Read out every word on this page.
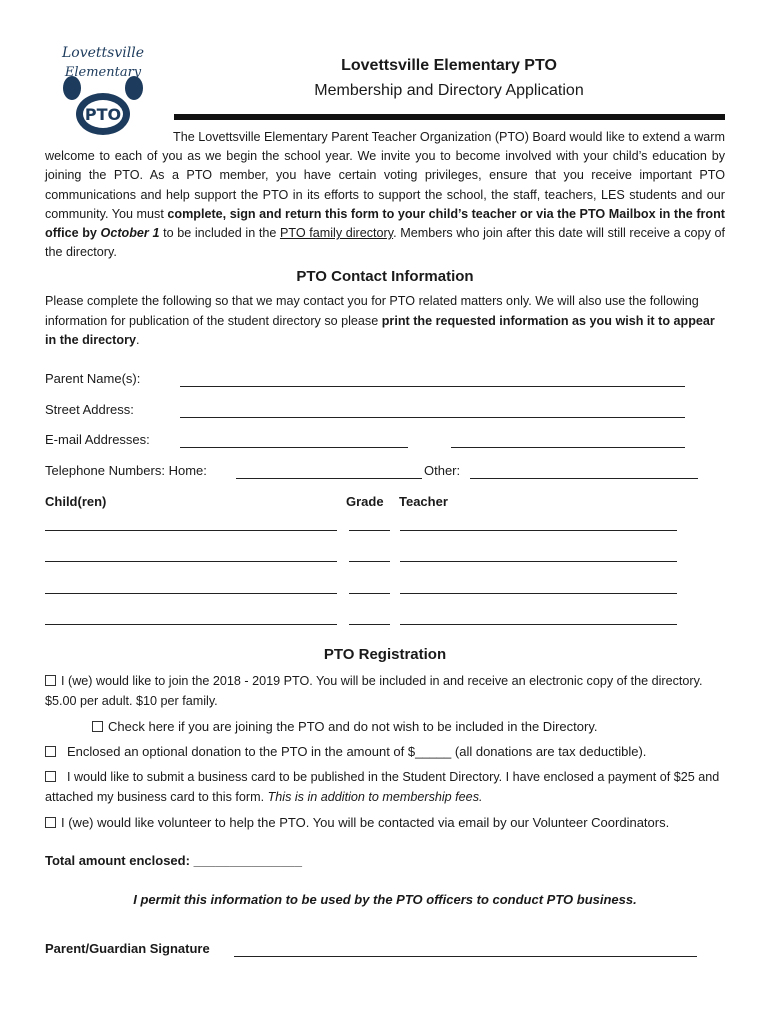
Lovettsville
Elementary
PTO
Lovettsville Elementary PTO
Membership and Directory Application
The Lovettsville Elementary Parent Teacher Organization (PTO) Board would like to extend a warm welcome to each of you as we begin the school year. We invite you to become involved with your child’s education by joining the PTO. As a PTO member, you have certain voting privileges, ensure that you receive important PTO communications and help support the PTO in its efforts to support the school, the staff, teachers, LES students and our community. You must complete, sign and return this form to your child’s teacher or via the PTO Mailbox in the front office by October 1 to be included in the PTO family directory. Members who join after this date will still receive a copy of the directory.
PTO Contact Information
Please complete the following so that we may contact you for PTO related matters only. We will also use the following information for publication of the student directory so please print the requested information as you wish it to appear in the directory.
Parent Name(s):
Street Address:
E-mail Addresses:
Telephone Numbers: Home:	Other:
Child(ren)	Grade Teacher
PTO Registration
I (we) would like to join the 2018 - 2019 PTO. You will be included in and receive an electronic copy of the directory. $5.00 per adult. $10 per family.
Check here if you are joining the PTO and do not wish to be included in the Directory.
Enclosed an optional donation to the PTO in the amount of $_____ (all donations are tax deductible).
I would like to submit a business card to be published in the Student Directory. I have enclosed a payment of $25 and attached my business card to this form. This is in addition to membership fees.
I (we) would like volunteer to help the PTO. You will be contacted via email by our Volunteer Coordinators.
Total amount enclosed: _______________
I permit this information to be used by the PTO officers to conduct PTO business.
Parent/Guardian Signature
